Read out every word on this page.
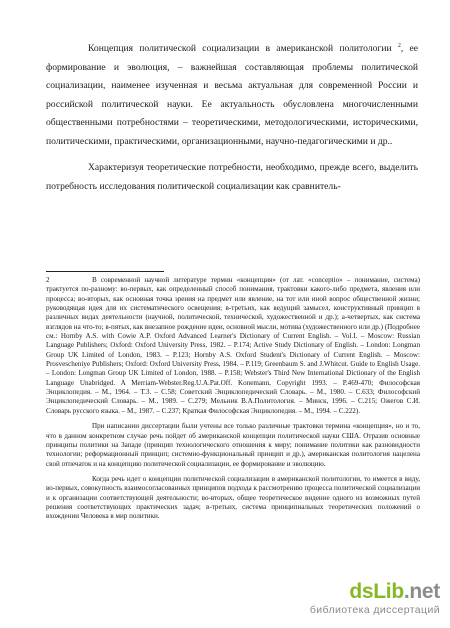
Концепция политической социализации в американской политологии $^2$, ее формирование и эволюция, – важнейшая составляющая проблемы политической социализации, наименее изученная и весьма актуальная для современной России и российской политической науки. Ее актуальность обусловлена многочисленными общественными потребностями – теоретическими, методологическими, историческими, политическими, практическими, организационными, научно-педагогическими и др..

Характеризуя теоретические потребности, необходимо, прежде всего, выделить потребность исследования политической социализации как сравнитель-

2	В современной научной литературе термин «концепция» (от лат. «conceptio» – понимание, система) трактуется по-разному: во-первых, как определенный способ понимания, трактовки какого-либо предмета, явления или процесса; во-вторых, как основная точка зрения на предмет или явление, на тот или иной вопрос общественной жизни; руководящая идея для их систематического освещения; в-третьих, как ведущий замысел, конструктивный принцип в различных видах деятельности (научной, политической, технической, художественной и др.); а-четвертых, как система взглядов на что-то; в-пятых, как внезапное рождение идеи, основной мысли, мотива (художественного или др.) (Подробнее см.: Hornby A.S. with Cowie A.P. Oxford Advanced Learner's Dictionary of Current English. – Vol.I. – Moscow: Russian Language Publishers; Oxford: Oxford University Press, 1982. – P.174; Active Study Dictionary of English. – London: Longman Group UK Limited of London, 1983. – P.123; Hornby A.S. Oxford Student's Dictionary of Current English. – Moscow: Prosvescheniye Publishers; Oxford: Oxford University Press, 1984. – P.119; Greenbaum S. and J.Whitcut. Guide to English Usage. – London: Longman Group UK Limited of London, 1988. – P.158; Webster's Third New International Dictionary of the English Language Unabridged. A Merriam-Webster.Reg.U.A.Pat.Off. Konemann, Copyright 1993. – P.469-470; Философская Энциклопедия. – М., 1964. – Т.3. – С.58; Советский Энциклопедический Словарь. – М., 1980. – С.633; Философский Энциклопедический Словарь. – М., 1989. – С.279; Мельник В.А.Политология. – Минск, 1996. – С.215; Ожегов С.И. Словарь русского языка. – М., 1987. – С.237; Краткая Философская Энциклопедия. – М., 1994. – С.222).

При написании диссертации были учтены все только различные трактовки термина «концепция», но и то, что в данном конкретном случае речь пойдет об американской концепции политической науки США. Отразив основные принципы политики на Западе (принцип технологического отношения к миру; понимание политики как разновидности технологии; реформационный принцип; системно-функциональный принцип и др.), американская политология нацелена свой отпечаток и на концепцию политической социализации, ее формирование и эволюцию.

Когда речь идет о концепции политической социализации в американской политологии, то имеется в виду, во-первых, совокупность взаимосогласованных принципов подхода к рассмотрению процесса политической социализации и к организации соответствующей деятельности; во-вторых, общее теоретическое видение одного из возможных путей решения соответствующих практических задач; в-третьих, система принципиальных теоретических положений о вхождении Человека в мир политики.

dsLib.net
библиотека диссертаций
